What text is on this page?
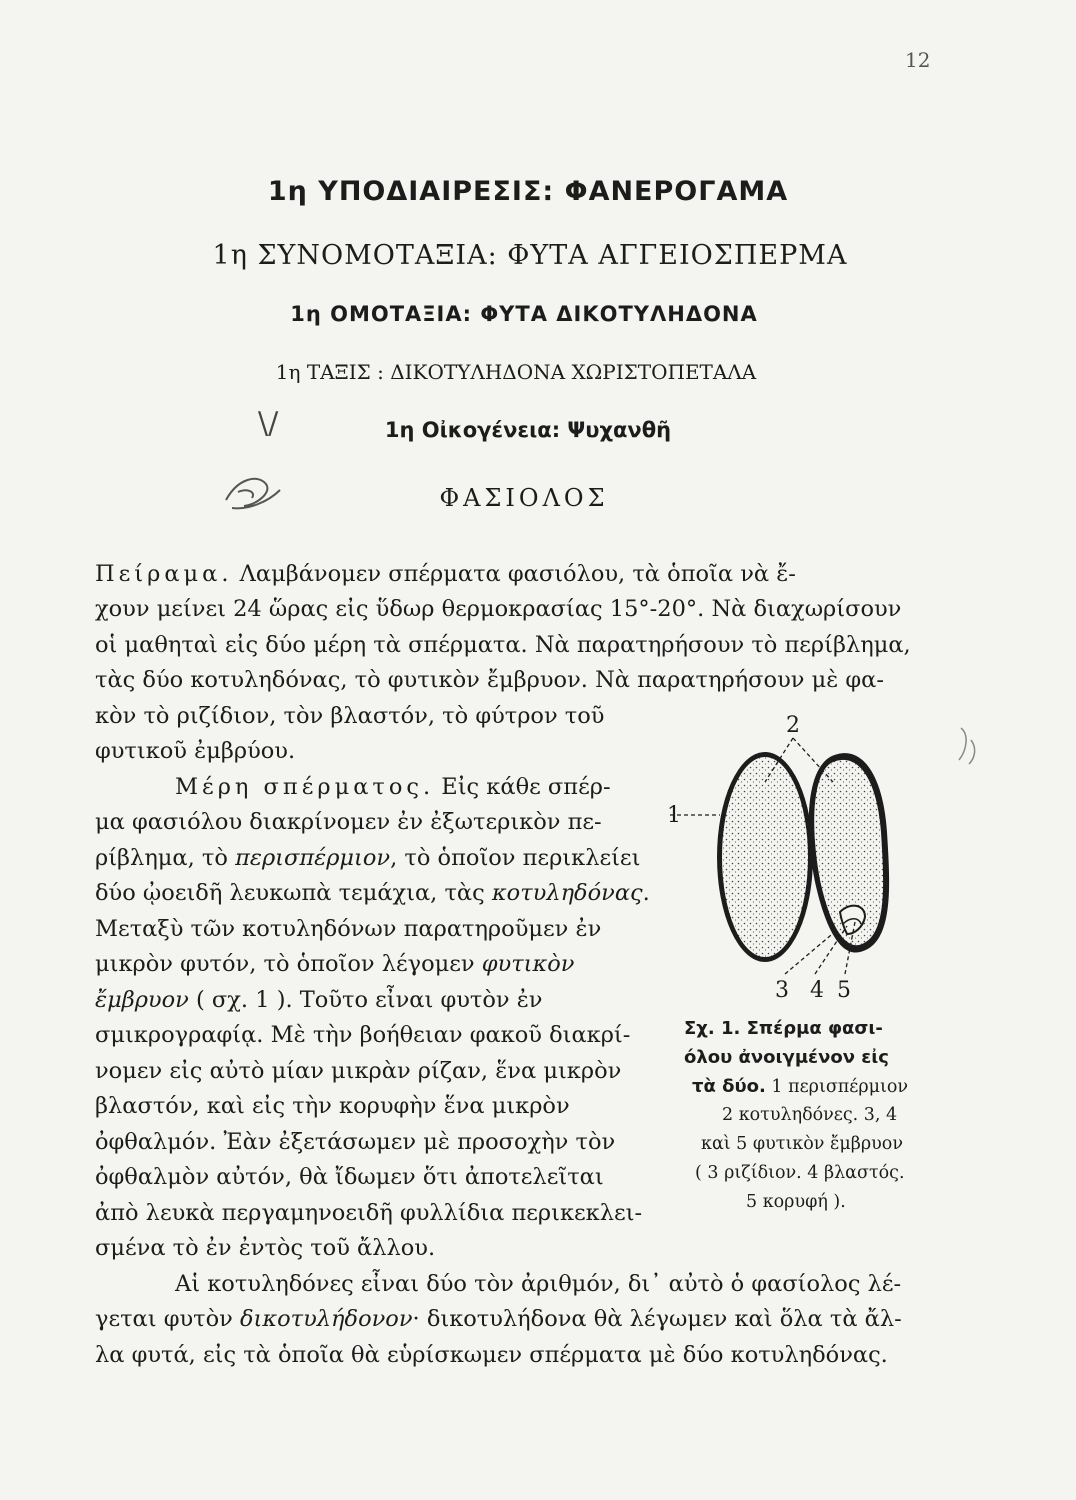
12
1η ΥΠΟΔΙΑΙΡΕΣΙΣ: ΦΑΝΕΡΟΓΑΜΑ
1η ΣΥΝΟΜΟΤΑΞΙΑ: ΦΥΤΑ ΑΓΓΕΙΟΣΠΕΡΜΑ
1η ΟΜΟΤΑΞΙΑ: ΦΥΤΑ ΔΙΚΟΤΥΛΗΔΟΝΑ
1η ΤΑΞΙΣ : ΔΙΚΟΤΥΛΗΔΟΝΑ ΧΩΡΙΣΤΟΠΕΤΑΛΑ
\/	1η Οἰκογένεια: Ψυχανθῆ
ΦΑΣΙΟΛΟΣ
Πείραμα. Λαμβάνομεν σπέρματα φασιόλου, τὰ ὁποῖα νὰ ἔ-
χουν μείνει 24 ὥρας εἰς ὕδωρ θερμοκρασίας 15°-20°. Νὰ διαχωρίσουν
οἱ μαθηταὶ εἰς δύο μέρη τὰ σπέρματα. Νὰ παρατηρήσουν τὸ περίβλημα,
τὰς δύο κοτυληδόνας, τὸ φυτικὸν ἔμβρυον. Νὰ παρατηρήσουν μὲ φα-
κὸν τὸ ριζίδιον, τὸν βλαστόν, τὸ φύτρον τοῦ
φυτικοῦ ἐμβρύου.
Μέρη σπέρματος. Εἰς κάθε σπέρ-
μα φασιόλου διακρίνομεν ἐν ἐξωτερικὸν πε-
ρίβλημα, τὸ περισπέρμιον, τὸ ὁποῖον περικλείει
δύο ᾠοειδῆ λευκωπὰ τεμάχια, τὰς κοτυληδόνας.
Μεταξὺ τῶν κοτυληδόνων παρατηροῦμεν ἐν
μικρὸν φυτόν, τὸ ὁποῖον λέγομεν φυτικὸν
ἔμβρυον ( σχ. 1 ). Τοῦτο εἶναι φυτὸν ἐν
σμικρογραφίᾳ. Μὲ τὴν βοήθειαν φακοῦ διακρί-
νομεν εἰς αὐτὸ μίαν μικρὰν ρίζαν, ἕνα μικρὸν
βλαστόν, καὶ εἰς τὴν κορυφὴν ἕνα μικρὸν
ὀφθαλμόν. Ἐὰν ἐξετάσωμεν μὲ προσοχὴν τὸν
ὀφθαλμὸν αὐτόν, θὰ ἴδωμεν ὅτι ἀποτελεῖται
ἀπὸ λευκὰ περγαμηνοειδῆ φυλλίδια περικεκλει-
σμένα τὸ ἐν ἐντὸς τοῦ ἄλλου.
Αἱ κοτυληδόνες εἶναι δύο τὸν ἀριθμόν, δι᾽ αὐτὸ ὁ φασίολος λέ-
γεται φυτὸν δικοτυλήδονον· δικοτυλήδονα θὰ λέγωμεν καὶ ὅλα τὰ ἄλ-
λα φυτά, εἰς τὰ ὁποῖα θὰ εὑρίσκωμεν σπέρματα μὲ δύο κοτυληδόνας.
2
1
3 4 5
Σχ. 1. Σπέρμα φασι-
όλου ἀνοιγμένον εἰς
τὰ δύο. 1 περισπέρμιον
2 κοτυληδόνες. 3, 4
καὶ 5 φυτικὸν ἔμβρυον
( 3 ριζίδιον. 4 βλαστός.
5 κορυφή ).
